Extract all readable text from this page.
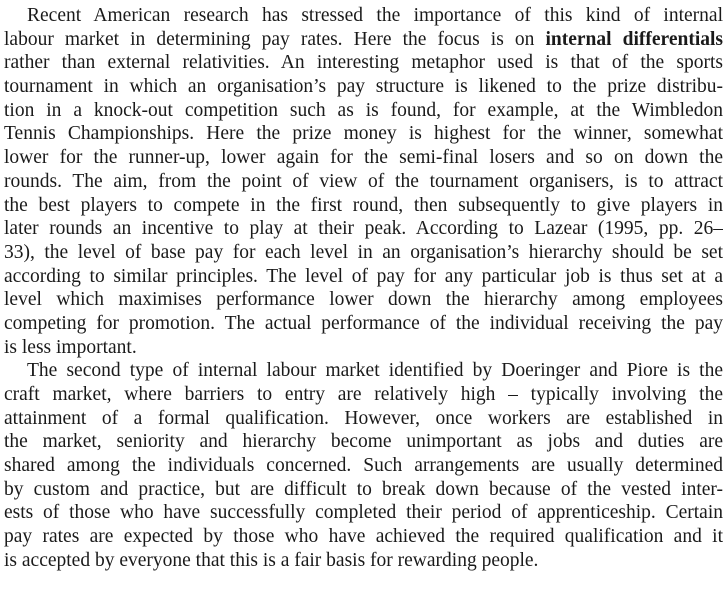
Recent American research has stressed the importance of this kind of internal
labour market in determining pay rates. Here the focus is on internal differentials
rather than external relativities. An interesting metaphor used is that of the sports
tournament in which an organisation’s pay structure is likened to the prize distribu-
tion in a knock-out competition such as is found, for example, at the Wimbledon
Tennis Championships. Here the prize money is highest for the winner, somewhat
lower for the runner-up, lower again for the semi-final losers and so on down the
rounds. The aim, from the point of view of the tournament organisers, is to attract
the best players to compete in the first round, then subsequently to give players in
later rounds an incentive to play at their peak. According to Lazear (1995, pp. 26–
33), the level of base pay for each level in an organisation’s hierarchy should be set
according to similar principles. The level of pay for any particular job is thus set at a
level which maximises performance lower down the hierarchy among employees
competing for promotion. The actual performance of the individual receiving the pay
is less important.
The second type of internal labour market identified by Doeringer and Piore is the
craft market, where barriers to entry are relatively high – typically involving the
attainment of a formal qualification. However, once workers are established in
the market, seniority and hierarchy become unimportant as jobs and duties are
shared among the individuals concerned. Such arrangements are usually determined
by custom and practice, but are difficult to break down because of the vested inter-
ests of those who have successfully completed their period of apprenticeship. Certain
pay rates are expected by those who have achieved the required qualification and it
is accepted by everyone that this is a fair basis for rewarding people.
